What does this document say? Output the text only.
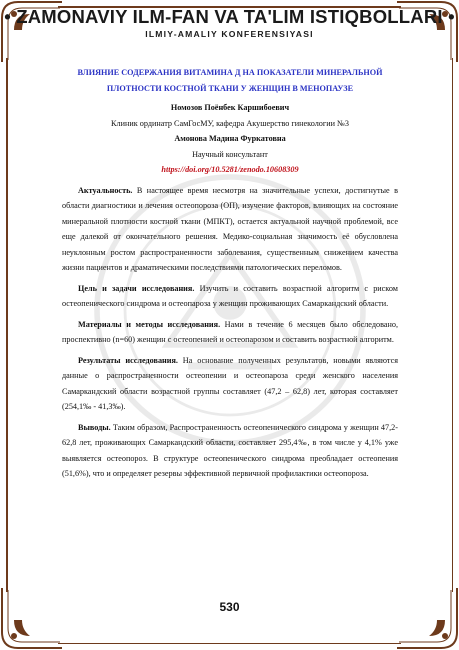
• ZAMONAVIY ILM-FAN VA TA'LIM ISTIQBOLLARI •
ILMIY-AMALIY KONFERENSIYASI
ВЛИЯНИЕ СОДЕРЖАНИЯ ВИТАМИНА Д НА ПОКАЗАТЕЛИ МИНЕРАЛЬНОЙ
ПЛОТНОСТИ КОСТНОЙ ТКАНИ У ЖЕНЩИН В МЕНОПАУЗЕ
Номозов Поёнбек Каршибоевич
Клиник ординатр СамГосМУ, кафедра Акушерство гинекологии №3
Амонова Мадина Фуркатовна
Научный консультант
https://doi.org/10.5281/zenodo.10608309

Актуальность. В настоящее время несмотря на значительные успехи, достигнутые в области диагностики и лечения остеопороза (ОП), изучение факторов, влияющих на состояние минеральной плотности костной ткани (МПКТ), остается актуальной научной проблемой, все еще далекой от окончательного решения. Медико-социальная значимость её обусловлена неуклонным ростом распространенности заболевания, существенным снижением качества жизни пациентов и драматическими последствиями патологических переломов.

Цель и задачи исследования. Изучить и составить возрастной алгоритм с риском остеопенического синдрома и остеопароза у женщин проживающих Самаркандский области.

Материалы и методы исследования. Нами в течение 6 месяцев было обследовано, проспективно (n=60) женщин с остеопенией и остеопарозом и составить возрастной алгоритм.

Результаты исследования. На основание полученных результатов, новыми являются данные о распространенности остеопении и остеопароза среди женского населения Самаркандский области возрастной группы составляет (47,2 – 62,8) лет, которая составляет (254,1‰ - 41,3‰).

Выводы. Таким образом, Распространенность остеопенического синдрома у женщин 47,2-62,8 лет, проживающих Самаркандский области, составляет 295,4‰, в том числе у 4,1% уже выявляется остеопороз. В структуре остеопенического синдрома преобладает остеопения (51,6%), что и определяет резервы эффективной первичной профилактики остеопороза.

530
